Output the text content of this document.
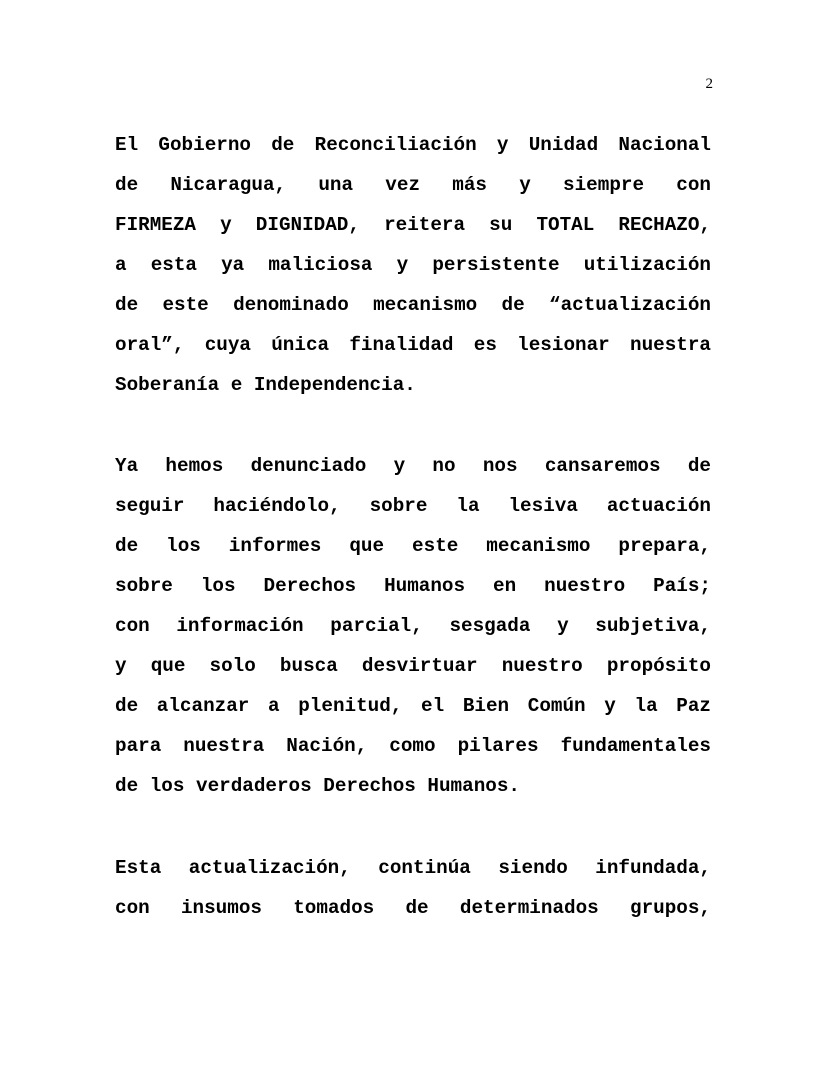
2

El Gobierno de Reconciliación y Unidad Nacional
de Nicaragua, una vez más y siempre con
FIRMEZA y DIGNIDAD, reitera su TOTAL RECHAZO,
a esta ya maliciosa y persistente utilización
de este denominado mecanismo de “actualización
oral”, cuya única finalidad es lesionar nuestra
Soberanía e Independencia.

Ya hemos denunciado y no nos cansaremos de
seguir haciéndolo, sobre la lesiva actuación
de los informes que este mecanismo prepara,
sobre los Derechos Humanos en nuestro País;
con información parcial, sesgada y subjetiva,
y que solo busca desvirtuar nuestro propósito
de alcanzar a plenitud, el Bien Común y la Paz
para nuestra Nación, como pilares fundamentales
de los verdaderos Derechos Humanos.

Esta actualización, continúa siendo infundada,
con insumos tomados de determinados grupos,
